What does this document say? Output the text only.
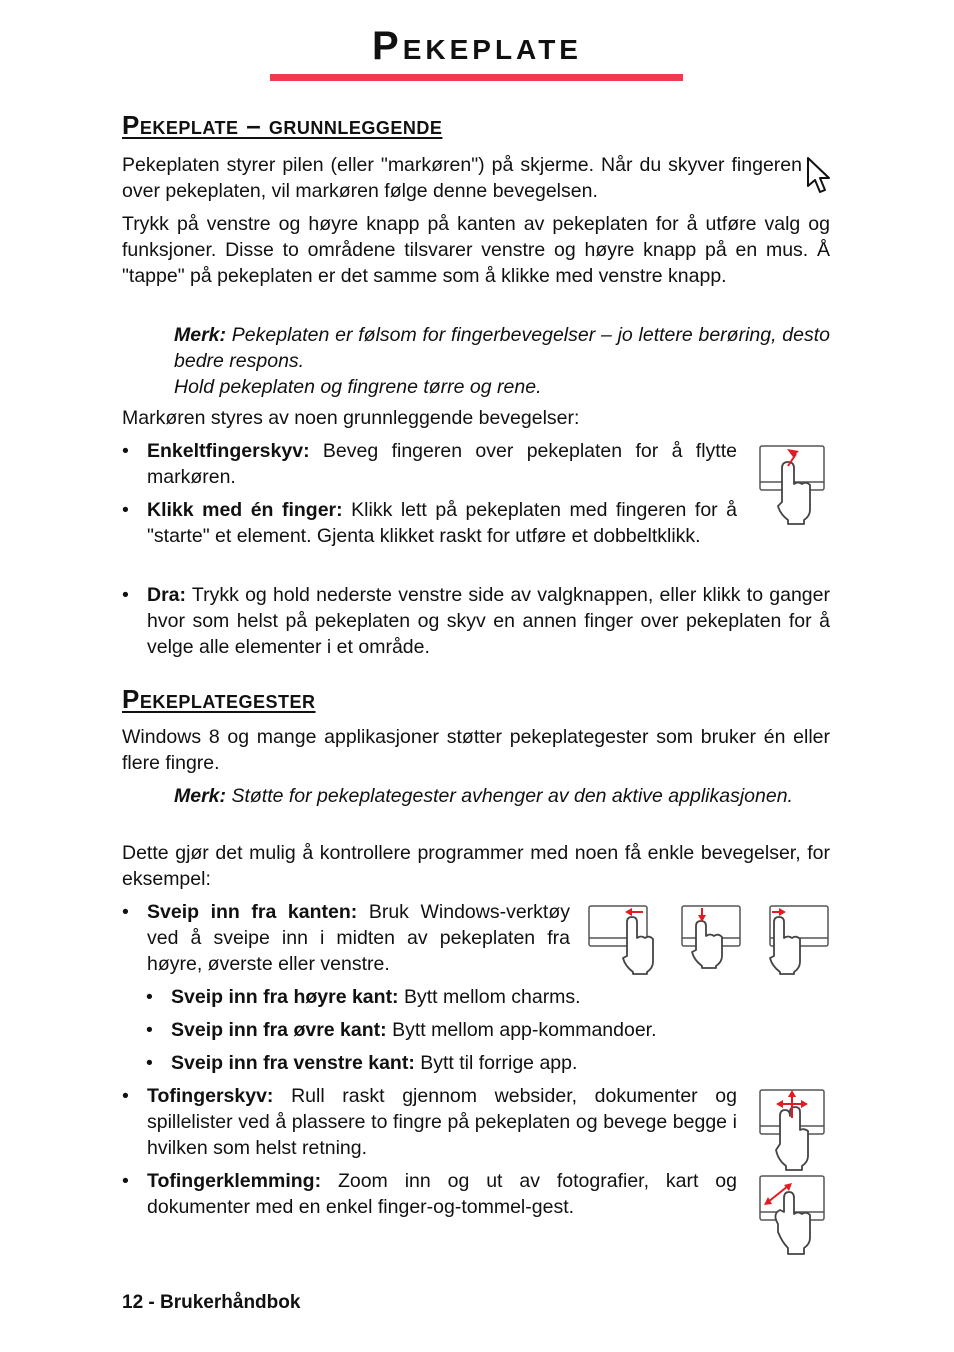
Pekeplate
Pekeplate – grunnleggende
Pekeplaten styrer pilen (eller "markøren") på skjerme. Når du skyver fingeren over pekeplaten, vil markøren følge denne bevegelsen.
Trykk på venstre og høyre knapp på kanten av pekeplaten for å utføre valg og funksjoner. Disse to områdene tilsvarer venstre og høyre knapp på en mus. Å "tappe" på pekeplaten er det samme som å klikke med venstre knapp.
Merk: Pekeplaten er følsom for fingerbevegelser – jo lettere berøring, desto bedre respons.
Hold pekeplaten og fingrene tørre og rene.
Markøren styres av noen grunnleggende bevegelser:
• Enkeltfingerskyv: Beveg fingeren over pekeplaten for å flytte markøren.
• Klikk med én finger: Klikk lett på pekeplaten med fingeren for å "starte" et element. Gjenta klikket raskt for utføre et dobbeltklikk.
• Dra: Trykk og hold nederste venstre side av valgknappen, eller klikk to ganger hvor som helst på pekeplaten og skyv en annen finger over pekeplaten for å velge alle elementer i et område.
Pekeplategester
Windows 8 og mange applikasjoner støtter pekeplategester som bruker én eller flere fingre.
Merk: Støtte for pekeplategester avhenger av den aktive applikasjonen.
Dette gjør det mulig å kontrollere programmer med noen få enkle bevegelser, for eksempel:
• Sveip inn fra kanten: Bruk Windows-verktøy ved å sveipe inn i midten av pekeplaten fra høyre, øverste eller venstre.
• Sveip inn fra høyre kant: Bytt mellom charms.
• Sveip inn fra øvre kant: Bytt mellom app-kommandoer.
• Sveip inn fra venstre kant: Bytt til forrige app.
• Tofingerskyv: Rull raskt gjennom websider, dokumenter og spillelister ved å plassere to fingre på pekeplaten og bevege begge i hvilken som helst retning.
• Tofingerklemming: Zoom inn og ut av fotografier, kart og dokumenter med en enkel finger-og-tommel-gest.
12 - Brukerhåndbok
